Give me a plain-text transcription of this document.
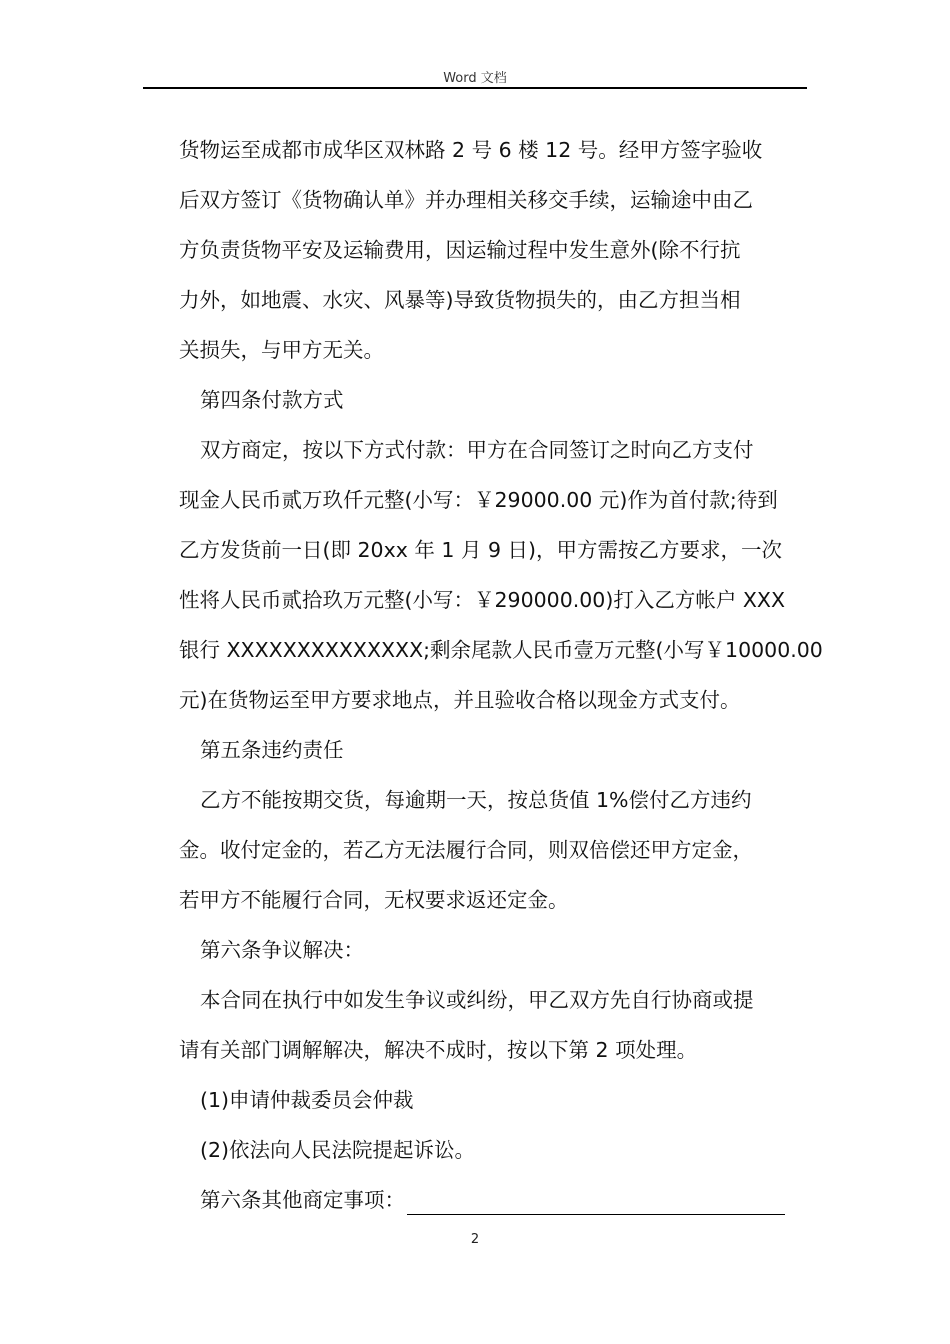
Word 文档

货物运至成都市成华区双林路 2 号 6 楼 12 号。经甲方签字验收

后双方签订《货物确认单》并办理相关移交手续，运输途中由乙

方负责货物平安及运输费用，因运输过程中发生意外(除不行抗

力外，如地震、水灾、风暴等)导致货物损失的，由乙方担当相

关损失，与甲方无关。

第四条付款方式

双方商定，按以下方式付款：甲方在合同签订之时向乙方支付

现金人民币贰万玖仟元整(小写：￥29000.00 元)作为首付款;待到

乙方发货前一日(即 20xx 年 1 月 9 日)，甲方需按乙方要求，一次

性将人民币贰拾玖万元整(小写：￥290000.00)打入乙方帐户 XXX

银行 XXXXXXXXXXXXXX;剩余尾款人民币壹万元整(小写￥10000.00

元)在货物运至甲方要求地点，并且验收合格以现金方式支付。

第五条违约责任

乙方不能按期交货，每逾期一天，按总货值 1%偿付乙方违约

金。收付定金的，若乙方无法履行合同，则双倍偿还甲方定金，

若甲方不能履行合同，无权要求返还定金。

第六条争议解决：

本合同在执行中如发生争议或纠纷，甲乙双方先自行协商或提

请有关部门调解解决，解决不成时，按以下第 2 项处理。

(1)申请仲裁委员会仲裁

(2)依法向人民法院提起诉讼。

第六条其他商定事项：

2
